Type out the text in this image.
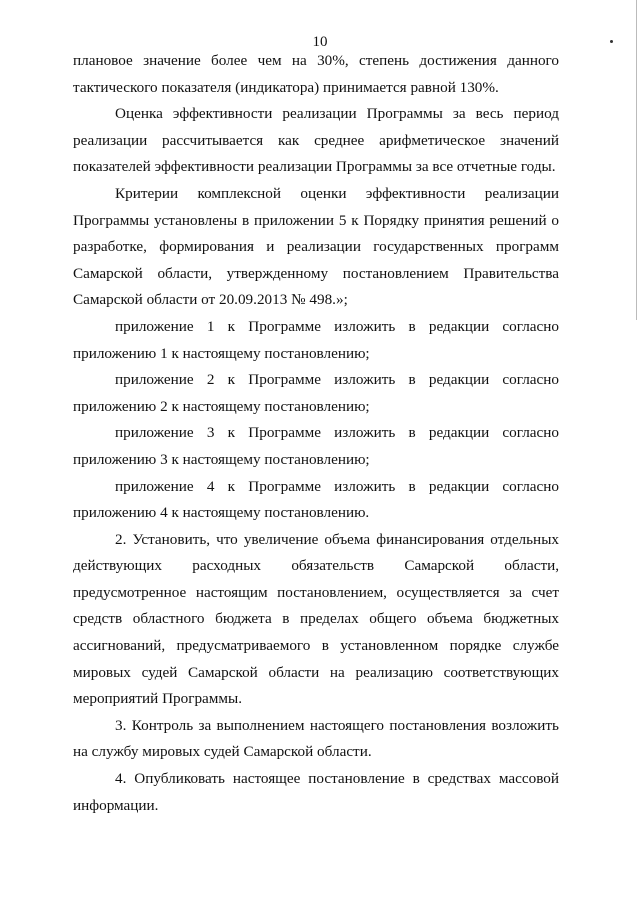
10

плановое значение более чем на 30%, степень достижения данного тактического показателя (индикатора) принимается равной 130%.

Оценка эффективности реализации Программы за весь период реализации рассчитывается как среднее арифметическое значений показателей эффективности реализации Программы за все отчетные годы.

Критерии комплексной оценки эффективности реализации Программы установлены в приложении 5 к Порядку принятия решений о разработке, формирования и реализации государственных программ Самарской области, утвержденному постановлением Правительства Самарской области от 20.09.2013 № 498.»;

приложение 1 к Программе изложить в редакции согласно приложению 1 к настоящему постановлению;

приложение 2 к Программе изложить в редакции согласно приложению 2 к настоящему постановлению;

приложение 3 к Программе изложить в редакции согласно приложению 3 к настоящему постановлению;

приложение 4 к Программе изложить в редакции согласно приложению 4 к настоящему постановлению.

2. Установить, что увеличение объема финансирования отдельных действующих расходных обязательств Самарской области, предусмотренное настоящим постановлением, осуществляется за счет средств областного бюджета в пределах общего объема бюджетных ассигнований, предусматриваемого в установленном порядке службе мировых судей Самарской области на реализацию соответствующих мероприятий Программы.

3. Контроль за выполнением настоящего постановления возложить на службу мировых судей Самарской области.

4. Опубликовать настоящее постановление в средствах массовой информации.
